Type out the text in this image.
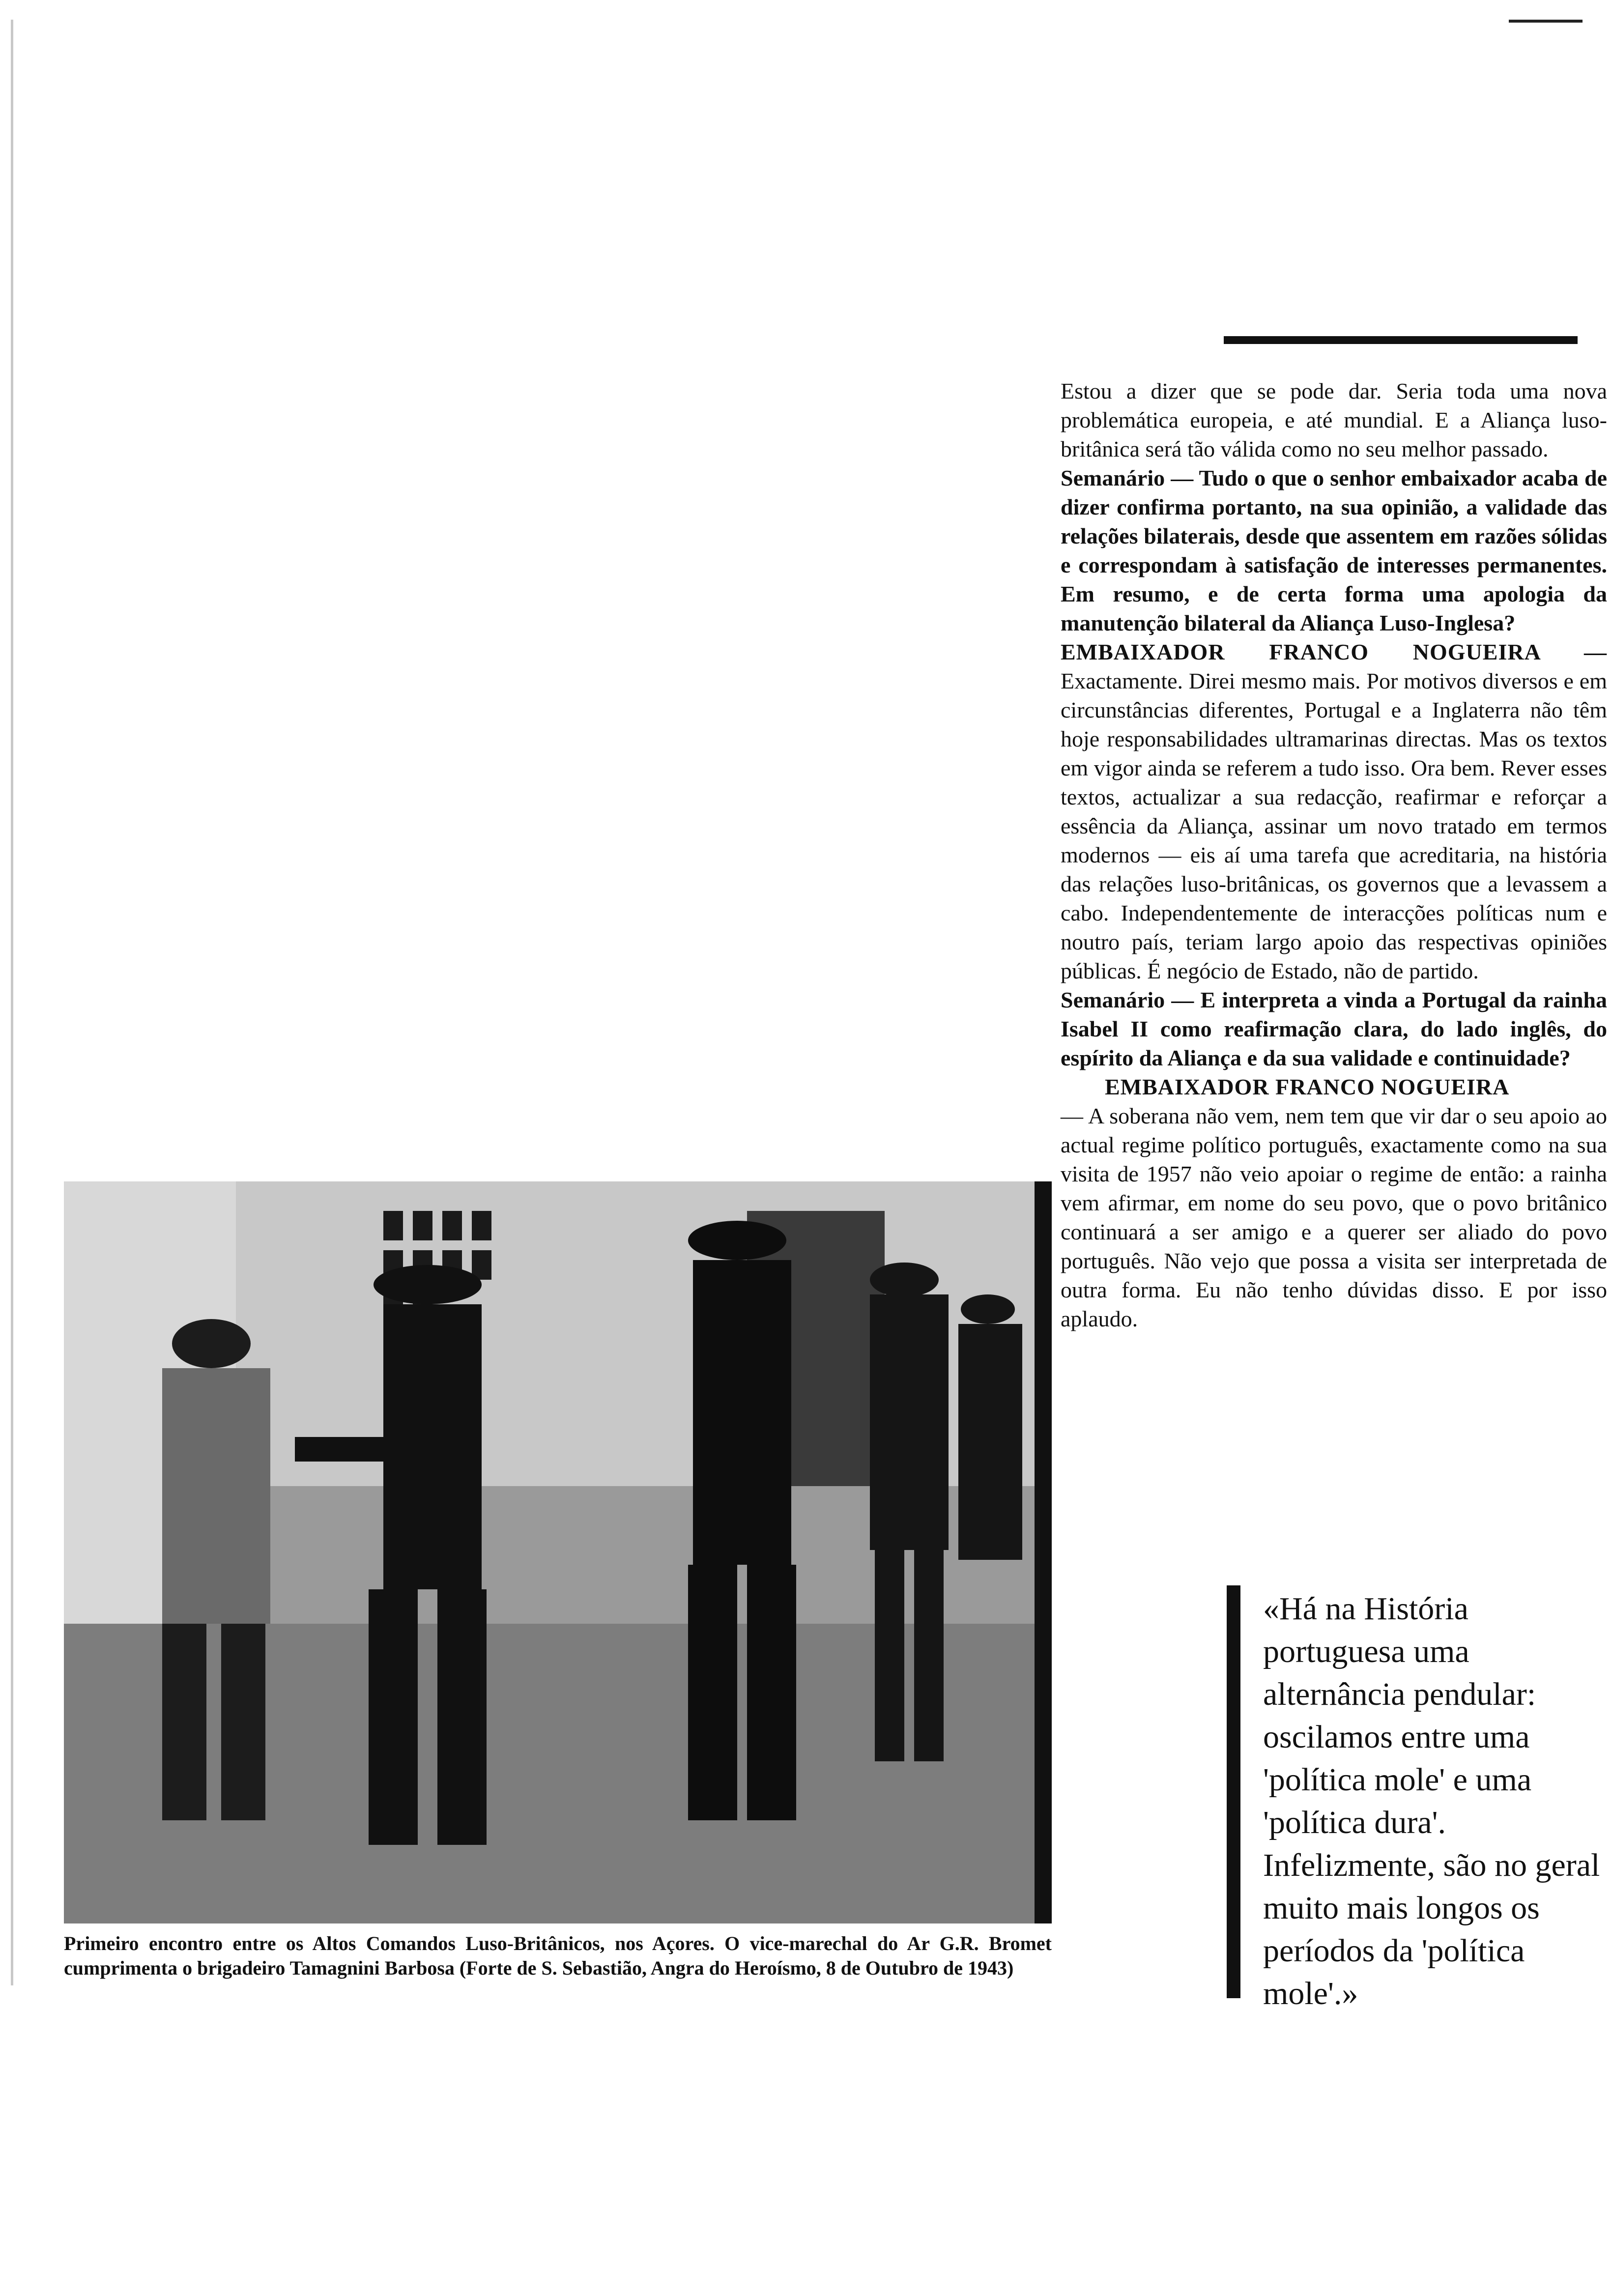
Estou a dizer que se pode dar. Seria toda uma nova problemática europeia, e até mundial. E a Aliança luso-britânica será tão válida como no seu melhor passado.

Semanário — Tudo o que o senhor embaixador acaba de dizer confirma portanto, na sua opinião, a validade das relações bilaterais, desde que assentem em razões sólidas e correspondam à satisfação de interesses permanentes. Em resumo, e de certa forma uma apologia da manutenção bilateral da Aliança Luso-Inglesa?

EMBAIXADOR FRANCO NOGUEIRA — Exactamente. Direi mesmo mais. Por motivos diversos e em circunstâncias diferentes, Portugal e a Inglaterra não têm hoje responsabilidades ultramarinas directas. Mas os textos em vigor ainda se referem a tudo isso. Ora bem. Rever esses textos, actualizar a sua redacção, reafirmar e reforçar a essência da Aliança, assinar um novo tratado em termos modernos — eis aí uma tarefa que acreditaria, na história das relações luso-britânicas, os governos que a levassem a cabo. Independentemente de interacções políticas num e noutro país, teriam largo apoio das respectivas opiniões públicas. É negócio de Estado, não de partido.

Semanário — E interpreta a vinda a Portugal da rainha Isabel II como reafirmação clara, do lado inglês, do espírito da Aliança e da sua validade e continuidade?

EMBAIXADOR FRANCO NOGUEIRA
— A soberana não vem, nem tem que vir dar o seu apoio ao actual regime político português, exactamente como na sua visita de 1957 não veio apoiar o regime de então: a rainha vem afirmar, em nome do seu povo, que o povo britânico continuará a ser amigo e a querer ser aliado do povo português. Não vejo que possa a visita ser interpretada de outra forma. Eu não tenho dúvidas disso. E por isso aplaudo.

Primeiro encontro entre os Altos Comandos Luso-Britânicos, nos Açores. O vice-marechal do Ar G.R. Bromet cumprimenta o brigadeiro Tamagnini Barbosa (Forte de S. Sebastião, Angra do Heroísmo, 8 de Outubro de 1943)
«Há na História portuguesa uma alternância pendular: oscilamos entre uma 'política mole' e uma 'política dura'. Infelizmente, são no geral muito mais longos os períodos da 'política mole'.»
